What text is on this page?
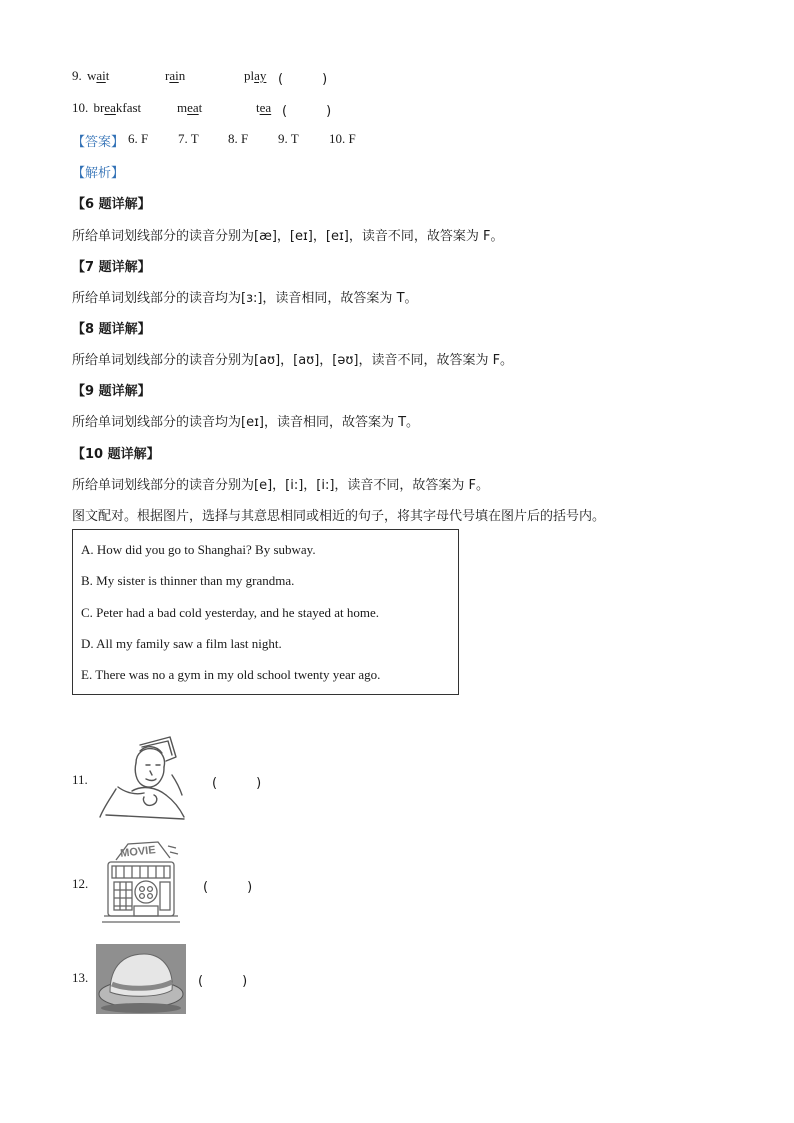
9. wait	rain	play (　　　)
10. breakfast	meat	tea (　　　)
【答案】 6. F 7. T 8. F 9. T 10. F
【解析】
【6 题详解】
所给单词划线部分的读音分别为[æ]，[eɪ]，[eɪ]，读音不同，故答案为 F。
【7 题详解】
所给单词划线部分的读音均为[ɜ:]，读音相同，故答案为 T。
【8 题详解】
所给单词划线部分的读音分别为[aʊ]，[aʊ]，[əʊ]，读音不同，故答案为 F。
【9 题详解】
所给单词划线部分的读音均为[eɪ]，读音相同，故答案为 T。
【10 题详解】
所给单词划线部分的读音分别为[e]，[i:]，[i:]，读音不同，故答案为 F。
图文配对。根据图片，选择与其意思相同或相近的句子，将其字母代号填在图片后的括号内。
A. How did you go to Shanghai? By subway.
B. My sister is thinner than my grandma.
C. Peter had a bad cold yesterday, and he stayed at home.
D. All my family saw a film last night.
E. There was no a gym in my old school twenty year ago.
11.	(　　　)
12.
MOVIE
(　　　)
13.	(　　　)
